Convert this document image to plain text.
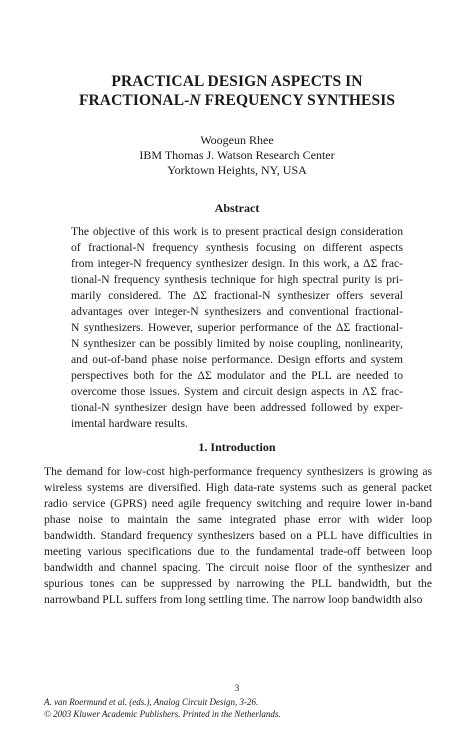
PRACTICAL DESIGN ASPECTS IN
FRACTIONAL-N FREQUENCY SYNTHESIS
Woogeun Rhee
IBM Thomas J. Watson Research Center
Yorktown Heights, NY, USA
Abstract
The objective of this work is to present practical design consideration
of fractional-N frequency synthesis focusing on different aspects
from integer-N frequency synthesizer design. In this work, a ΔΣ frac-
tional-N frequency synthesis technique for high spectral purity is pri-
marily considered. The ΔΣ fractional-N synthesizer offers several
advantages over integer-N synthesizers and conventional fractional-
N synthesizers. However, superior performance of the ΔΣ fractional-
N synthesizer can be possibly limited by noise coupling, nonlinearity,
and out-of-band phase noise performance. Design efforts and system
perspectives both for the ΔΣ modulator and the PLL are needed to
overcome those issues. System and circuit design aspects in ΛΣ frac-
tional-N synthesizer design have been addressed followed by exper-
imental hardware results.
1. Introduction
The demand for low-cost high-performance frequency synthesizers is growing as
wireless systems are diversified. High data-rate systems such as general packet
radio service (GPRS) need agile frequency switching and require lower in-band
phase noise to maintain the same integrated phase error with wider loop
bandwidth. Standard frequency synthesizers based on a PLL have difficulties in
meeting various specifications due to the fundamental trade-off between loop
bandwidth and channel spacing. The circuit noise floor of the synthesizer and
spurious tones can be suppressed by narrowing the PLL bandwidth, but the
narrowband PLL suffers from long settling time. The narrow loop bandwidth also
3
A. van Roermund et al. (eds.), Analog Circuit Design, 3-26.
© 2003 Kluwer Academic Publishers. Printed in the Netherlands.
